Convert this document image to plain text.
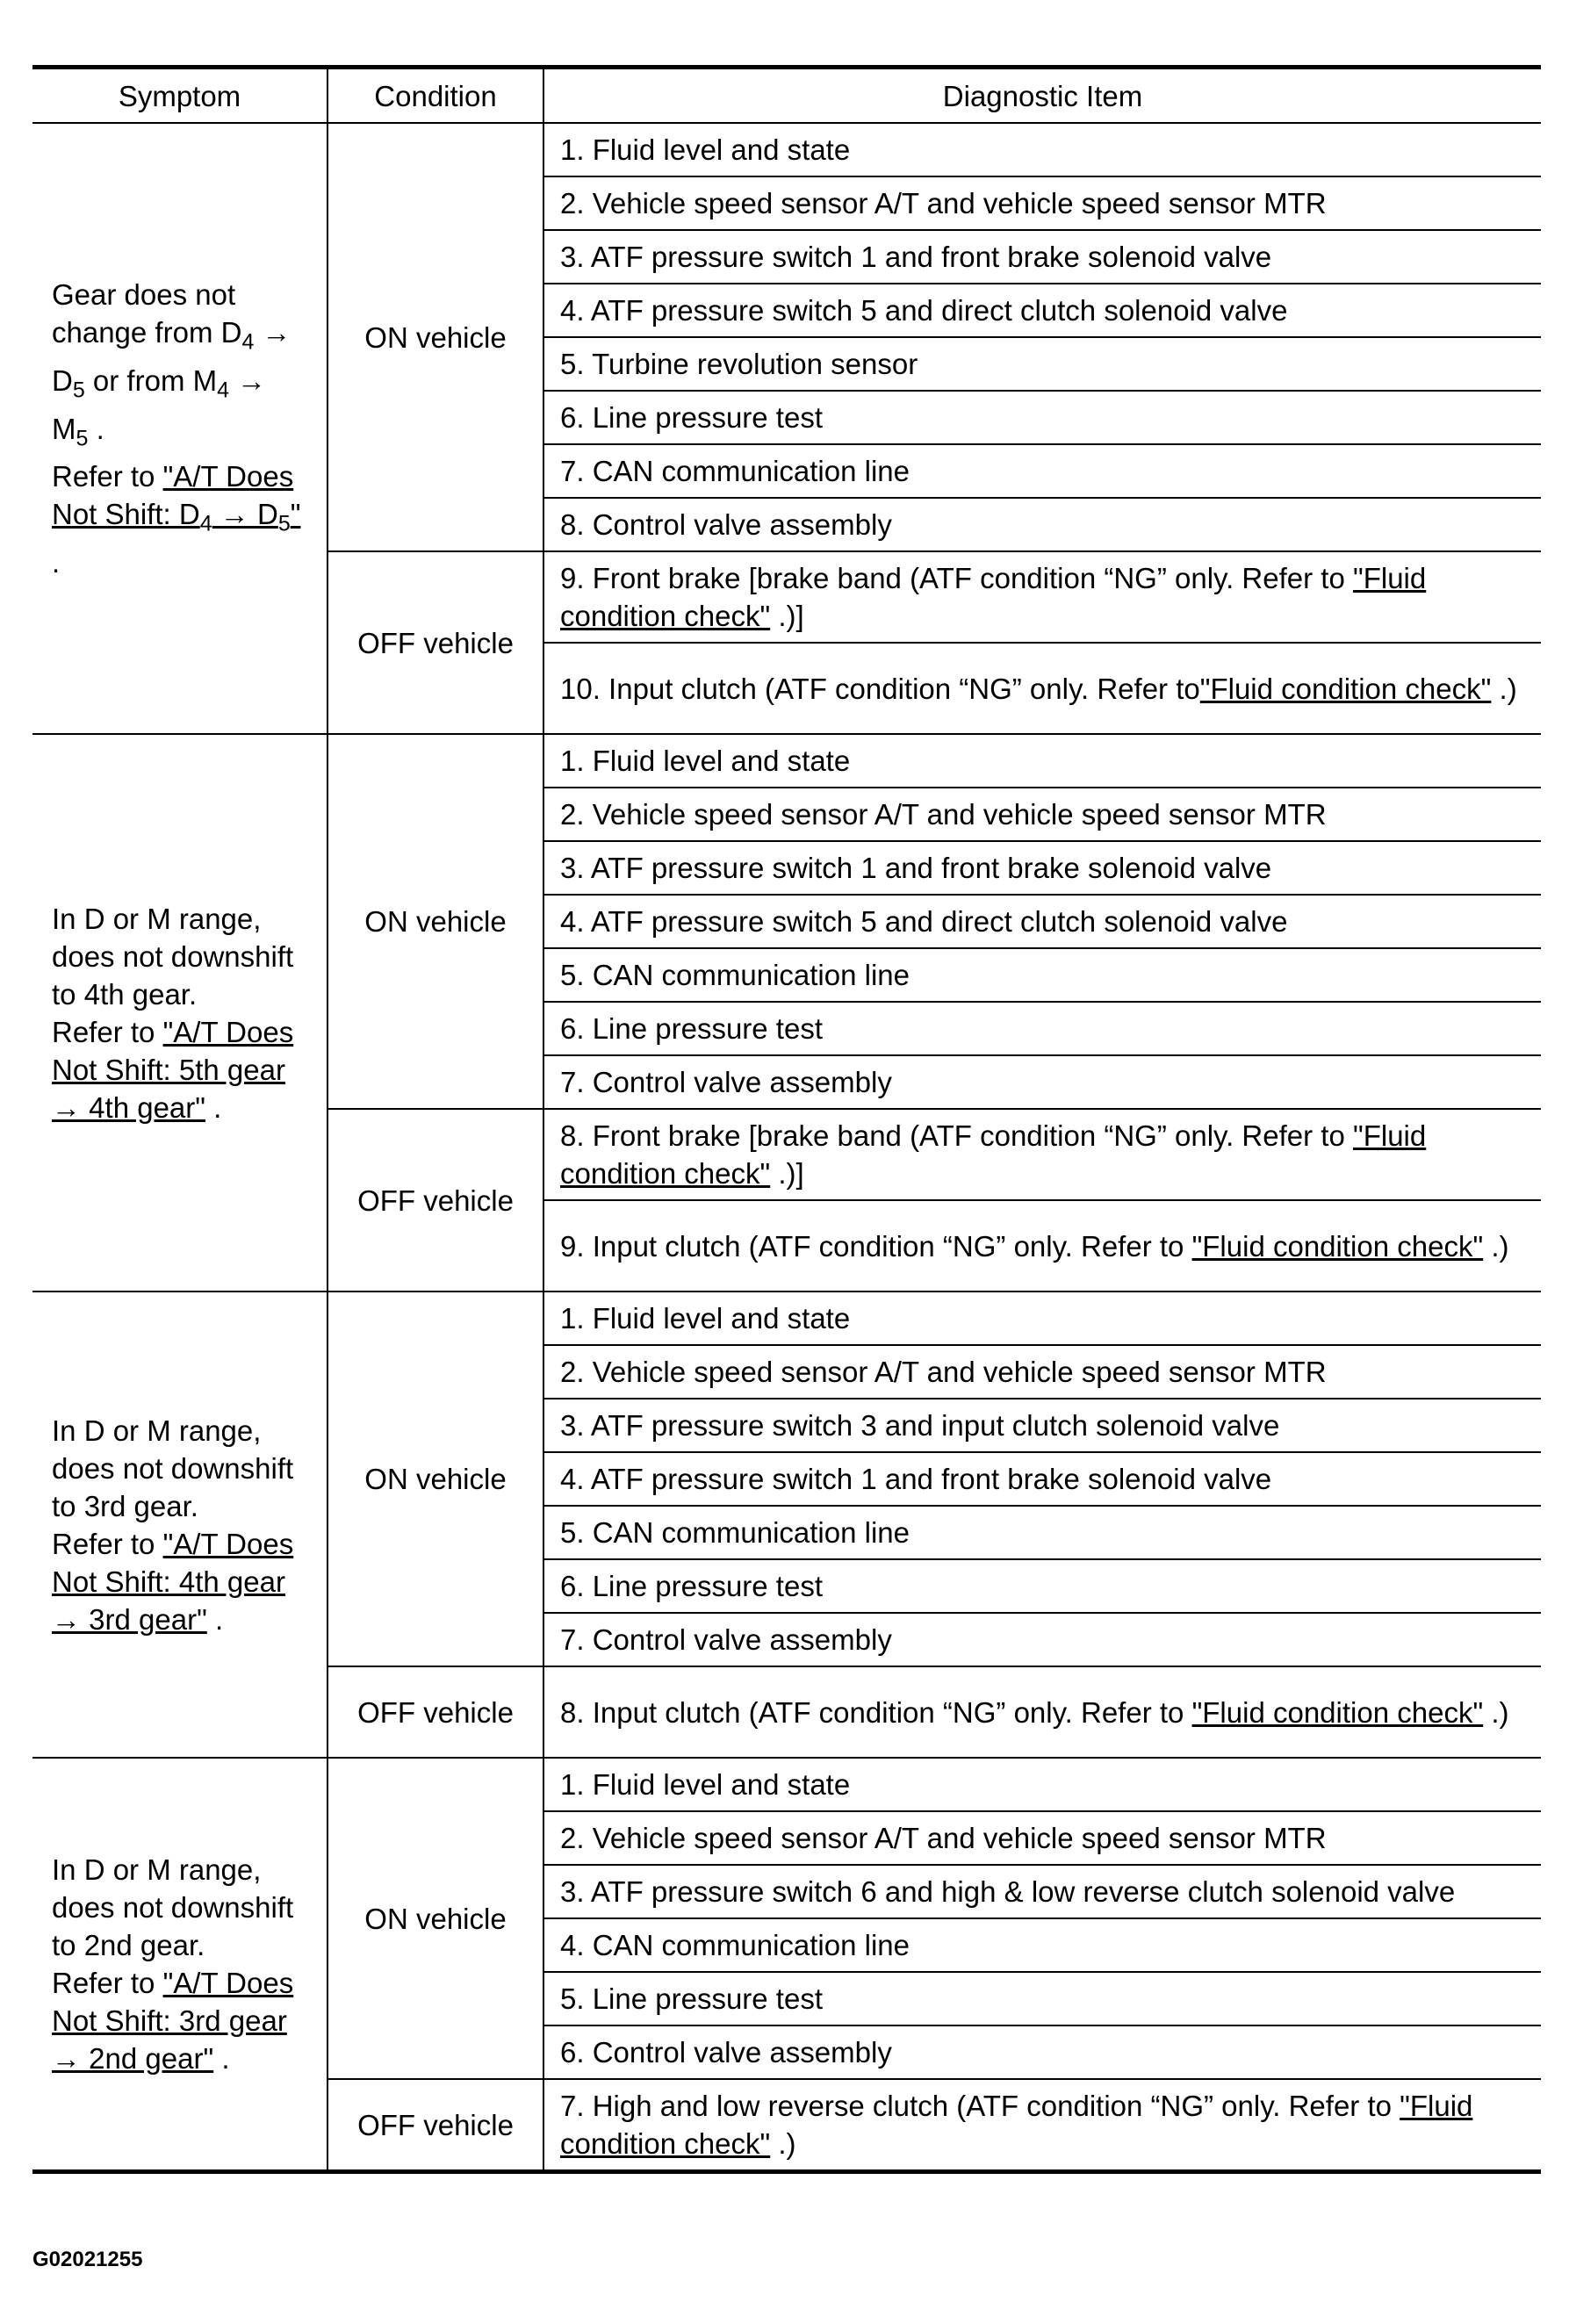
Symptom	Condition	Diagnostic Item
Gear does not change from $D_4 \to D_5$ or from $M_4 \to M_5$ .
Refer to "A/T Does Not Shift: $D_4 \to D_5$" .	ON vehicle	1. Fluid level and state
		2. Vehicle speed sensor A/T and vehicle speed sensor MTR
		3. ATF pressure switch 1 and front brake solenoid valve
		4. ATF pressure switch 5 and direct clutch solenoid valve
		5. Turbine revolution sensor
		6. Line pressure test
		7. CAN communication line
		8. Control valve assembly
	OFF vehicle	9. Front brake [brake band (ATF condition “NG” only. Refer to "Fluid condition check" .)]
		10. Input clutch (ATF condition “NG” only. Refer to"Fluid condition check" .)
In D or M range, does not downshift to 4th gear.
Refer to "A/T Does Not Shift: 5th gear → 4th gear" .	ON vehicle	1. Fluid level and state
		2. Vehicle speed sensor A/T and vehicle speed sensor MTR
		3. ATF pressure switch 1 and front brake solenoid valve
		4. ATF pressure switch 5 and direct clutch solenoid valve
		5. CAN communication line
		6. Line pressure test
		7. Control valve assembly
	OFF vehicle	8. Front brake [brake band (ATF condition “NG” only. Refer to "Fluid condition check" .)]
		9. Input clutch (ATF condition “NG” only. Refer to "Fluid condition check" .)
In D or M range, does not downshift to 3rd gear.
Refer to "A/T Does Not Shift: 4th gear → 3rd gear" .	ON vehicle	1. Fluid level and state
		2. Vehicle speed sensor A/T and vehicle speed sensor MTR
		3. ATF pressure switch 3 and input clutch solenoid valve
		4. ATF pressure switch 1 and front brake solenoid valve
		5. CAN communication line
		6. Line pressure test
		7. Control valve assembly
	OFF vehicle	8. Input clutch (ATF condition “NG” only. Refer to "Fluid condition check" .)
In D or M range, does not downshift to 2nd gear.
Refer to "A/T Does Not Shift: 3rd gear → 2nd gear" .	ON vehicle	1. Fluid level and state
		2. Vehicle speed sensor A/T and vehicle speed sensor MTR
		3. ATF pressure switch 6 and high & low reverse clutch solenoid valve
		4. CAN communication line
		5. Line pressure test
		6. Control valve assembly
	OFF vehicle	7. High and low reverse clutch (ATF condition “NG” only. Refer to "Fluid condition check" .)
G02021255
